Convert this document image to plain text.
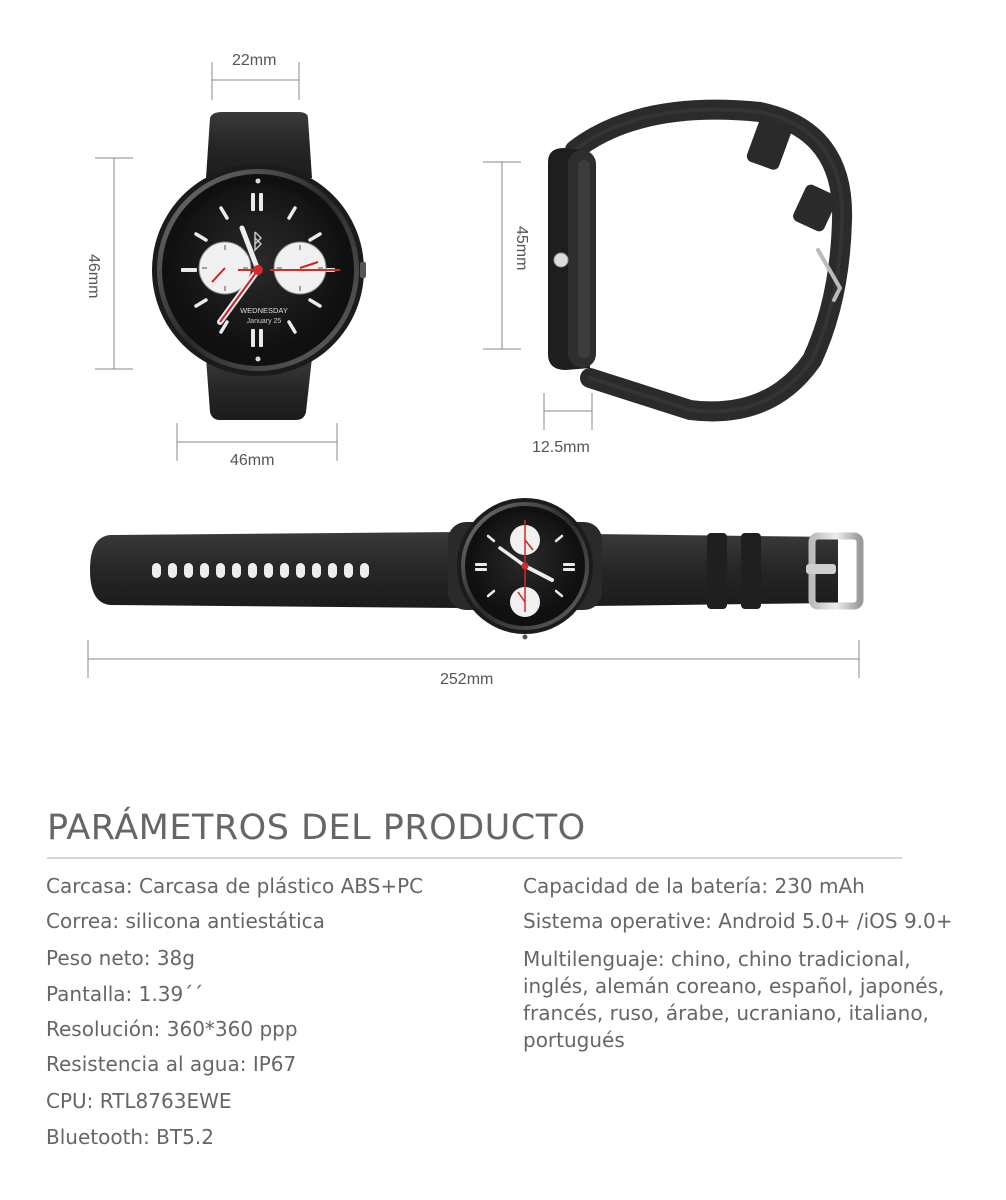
WEDNESDAY
January 25
22mm
46mm
46mm
45mm
12.5mm
252mm
PARÁMETROS DEL PRODUCTO
Carcasa: Carcasa de plástico ABS+PC
Correa: silicona antiestática
Peso neto: 38g
Pantalla: 1.39´´
Resolución: 360*360 ppp
Resistencia al agua: IP67
CPU: RTL8763EWE
Bluetooth: BT5.2
Capacidad de la batería: 230 mAh
Sistema operative: Android 5.0+ /iOS 9.0+
Multilenguaje: chino, chino tradicional, inglés, alemán coreano, español, japonés, francés, ruso, árabe, ucraniano, italiano, portugués
